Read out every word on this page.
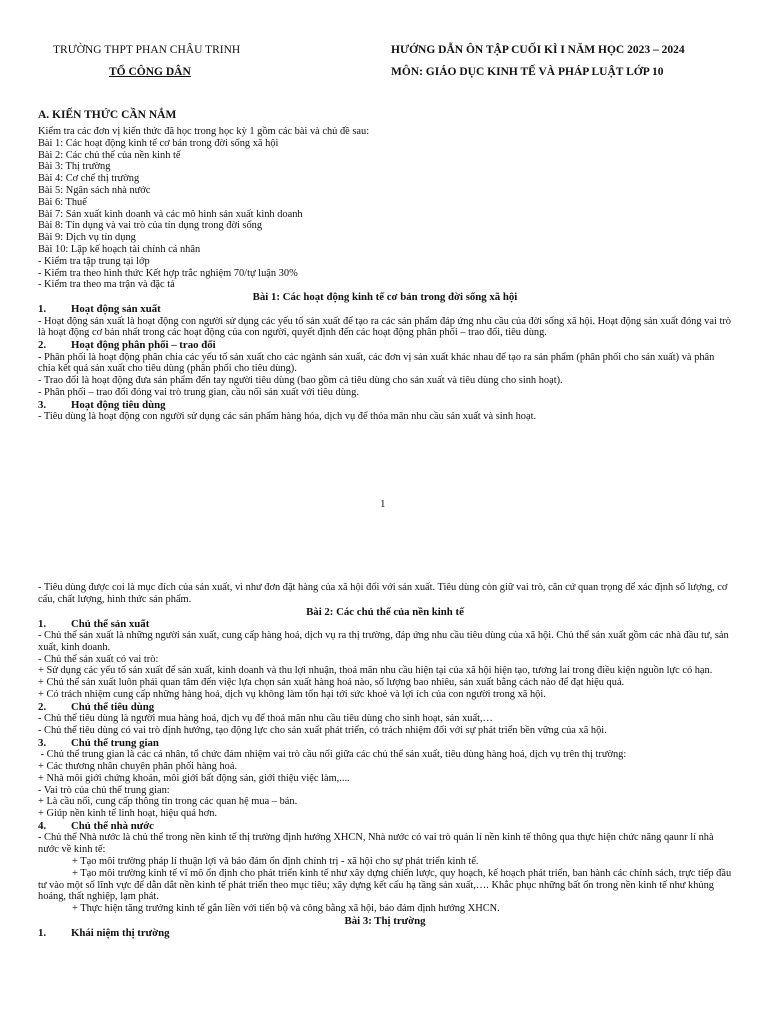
TRƯỜNG THPT PHAN CHÂU TRINH
TỔ CÔNG DÂN
HƯỚNG DẪN ÔN TẬP CUỐI KÌ I NĂM HỌC 2023 – 2024
MÔN: GIÁO DỤC KINH TẾ VÀ PHÁP LUẬT LỚP 10
A. KIẾN THỨC CẦN NẮM
Kiểm tra các đơn vị kiến thức đã học trong học kỳ 1 gồm các bài và chủ đề sau:
Bài 1: Các hoạt động kinh tế cơ bản trong đời sống xã hội
Bài 2: Các chủ thể của nền kinh tế
Bài 3: Thị trường
Bài 4: Cơ chế thị trường
Bài 5: Ngân sách nhà nước
Bài 6: Thuế
Bài 7: Sản xuất kinh doanh và các mô hình sản xuất kinh doanh
Bài 8: Tín dụng và vai trò của tín dụng trong đời sống
Bài 9: Dịch vụ tín dụng
Bài 10: Lập kế hoạch tài chính cá nhân
- Kiểm tra tập trung tại lớp
- Kiểm tra theo hình thức Kết hợp trắc nghiệm 70/tự luận 30%
- Kiểm tra theo ma trận và đặc tả
Bài 1: Các hoạt động kinh tế cơ bản trong đời sống xã hội
1. Hoạt động sản xuất
- Hoạt động sản xuất là hoạt động con người sử dụng các yếu tố sản xuất để tạo ra các sản phẩm đáp ứng nhu cầu của đời sống xã hội. Hoạt động sản xuất đóng vai trò là hoạt động cơ bản nhất trong các hoạt động của con người, quyết định đến các hoạt động phân phối – trao đổi, tiêu dùng.
2. Hoạt động phân phối – trao đổi
- Phân phối là hoạt động phân chia các yếu tố sản xuất cho các ngành sản xuất, các đơn vị sản xuất khác nhau để tạo ra sản phẩm (phân phối cho sản xuất) và phân chia kết quả sản xuất cho tiêu dùng (phân phối cho tiêu dùng).
- Trao đổi là hoạt động đưa sản phẩm đến tay người tiêu dùng (bao gồm cả tiêu dùng cho sản xuất và tiêu dùng cho sinh hoạt).
- Phân phối – trao đổi đóng vai trò trung gian, cầu nối sản xuất với tiêu dùng.
3. Hoạt động tiêu dùng
- Tiêu dùng là hoạt động con người sử dụng các sản phẩm hàng hóa, dịch vụ để thỏa mãn nhu cầu sản xuất và sinh hoạt.
1
- Tiêu dùng được coi là mục đích của sản xuất, vì như đơn đặt hàng của xã hội đối với sản xuất. Tiêu dùng còn giữ vai trò, căn cứ quan trọng để xác định số lượng, cơ cấu, chất lượng, hình thức sản phẩm.
Bài 2: Các chủ thể của nền kinh tế
1. Chủ thể sản xuất
- Chủ thể sản xuất là những người sản xuất, cung cấp hàng hoá, dịch vụ ra thị trường, đáp ứng nhu cầu tiêu dùng của xã hội. Chủ thể sản xuất gồm các nhà đầu tư, sản xuất, kinh doanh.
- Chủ thể sản xuất có vai trò:
+ Sử dụng các yếu tố sản xuất để sản xuất, kinh doanh và thu lợi nhuận, thoả mãn nhu cầu hiện tại của xã hội hiện tạo, tương lai trong điều kiện nguồn lực có hạn.
+ Chủ thể sản xuất luôn phải quan tâm đến việc lựa chọn sản xuất hàng hoá nào, số lượng bao nhiêu, sản xuất bằng cách nào để đạt hiệu quả.
+ Có trách nhiệm cung cấp những hàng hoá, dịch vụ không làm tổn hại tới sức khoẻ và lợi ích của con người trong xã hội.
2. Chủ thể tiêu dùng
- Chủ thể tiêu dùng là người mua hàng hoá, dịch vụ để thoả mãn nhu cầu tiêu dùng cho sinh hoạt, sản xuất,…
- Chủ thể tiêu dùng có vai trò định hướng, tạo động lực cho sản xuất phát triển, có trách nhiệm đối với sự phát triển bền vững của xã hội.
3. Chủ thể trung gian
- Chủ thể trung gian là các cá nhân, tổ chức đảm nhiệm vai trò cầu nối giữa các chủ thể sản xuất, tiêu dùng hàng hoá, dịch vụ trên thị trường:
+ Các thương nhân chuyên phân phối hàng hoá.
+ Nhà môi giới chứng khoán, môi giới bất động sản, giới thiệu việc làm,....
- Vai trò của chủ thể trung gian:
+ Là cầu nối, cung cấp thông tin trong các quan hệ mua – bán.
+ Giúp nền kinh tế linh hoạt, hiệu quả hơn.
4. Chủ thể nhà nước
- Chủ thể Nhà nước là chủ thể trong nền kinh tế thị trường định hướng XHCN, Nhà nước có vai trò quản lí nền kinh tế thông qua thực hiện chức năng qaunr lí nhà nước về kinh tế:
+ Tạo môi trường pháp lí thuận lợi và bảo đảm ổn định chính trị - xã hội cho sự phát triển kinh tế.
+ Tạo môi trường kinh tế vĩ mô ổn định cho phát triển kinh tế như xây dựng chiến lược, quy hoạch, kế hoạch phát triển, ban hành các chính sách, trực tiếp đầu tư vào một số lĩnh vực để dẫn dắt nền kinh tế phát triển theo mục tiêu; xây dựng kết cấu hạ tầng sản xuất,…. Khắc phục những bất ổn trong nền kinh tế như khủng hoảng, thất nghiệp, lạm phát.
+ Thực hiện tăng trưởng kinh tế gắn liền với tiến bộ và công bằng xã hội, bảo đảm định hướng XHCN.
Bài 3: Thị trường
1. Khái niệm thị trường
